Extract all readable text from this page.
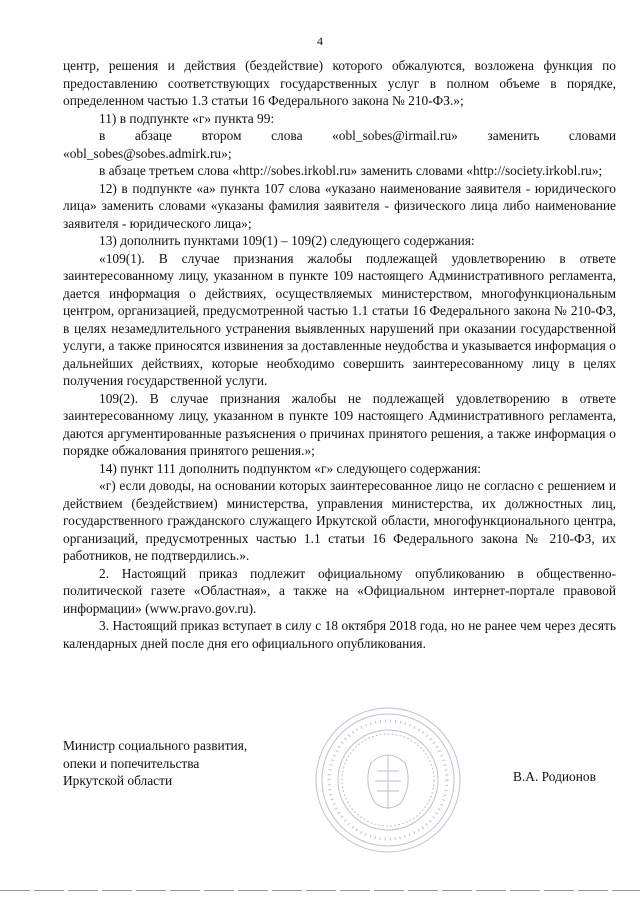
4

центр, решения и действия (бездействие) которого обжалуются, возложена функция по предоставлению соответствующих государственных услуг в полном объеме в порядке, определенном частью 1.3 статьи 16 Федерального закона № 210-ФЗ.»;

11) в подпункте «г» пункта 99:

в абзаце втором слова «obl_sobes@irmail.ru» заменить словами «obl_sobes@sobes.admirk.ru»;

в абзаце третьем слова «http://sobes.irkobl.ru» заменить словами «http://society.irkobl.ru»;

12) в подпункте «а» пункта 107 слова «указано наименование заявителя - юридического лица» заменить словами «указаны фамилия заявителя - физического лица либо наименование заявителя - юридического лица»;

13) дополнить пунктами 109(1) – 109(2) следующего содержания:

«109(1). В случае признания жалобы подлежащей удовлетворению в ответе заинтересованному лицу, указанном в пункте 109 настоящего Административного регламента, дается информация о действиях, осуществляемых министерством, многофункциональным центром, организацией, предусмотренной частью 1.1 статьи 16 Федерального закона № 210-ФЗ, в целях незамедлительного устранения выявленных нарушений при оказании государственной услуги, а также приносятся извинения за доставленные неудобства и указывается информация о дальнейших действиях, которые необходимо совершить заинтересованному лицу в целях получения государственной услуги.

109(2). В случае признания жалобы не подлежащей удовлетворению в ответе заинтересованному лицу, указанном в пункте 109 настоящего Административного регламента, даются аргументированные разъяснения о причинах принятого решения, а также информация о порядке обжалования принятого решения.»;

14) пункт 111 дополнить подпунктом «г» следующего содержания:

«г) если доводы, на основании которых заинтересованное лицо не согласно с решением и действием (бездействием) министерства, управления министерства, их должностных лиц, государственного гражданского служащего Иркутской области, многофункционального центра, организаций, предусмотренных частью 1.1 статьи 16 Федерального закона № 210-ФЗ, их работников, не подтвердились.».

2. Настоящий приказ подлежит официальному опубликованию в общественно-политической газете «Областная», а также на «Официальном интернет-портале правовой информации» (www.pravo.gov.ru).

3. Настоящий приказ вступает в силу с 18 октября 2018 года, но не ранее чем через десять календарных дней после дня его официального опубликования.

Министр социального развития,
опеки и попечительства
Иркутской области	В.А. Родионов
